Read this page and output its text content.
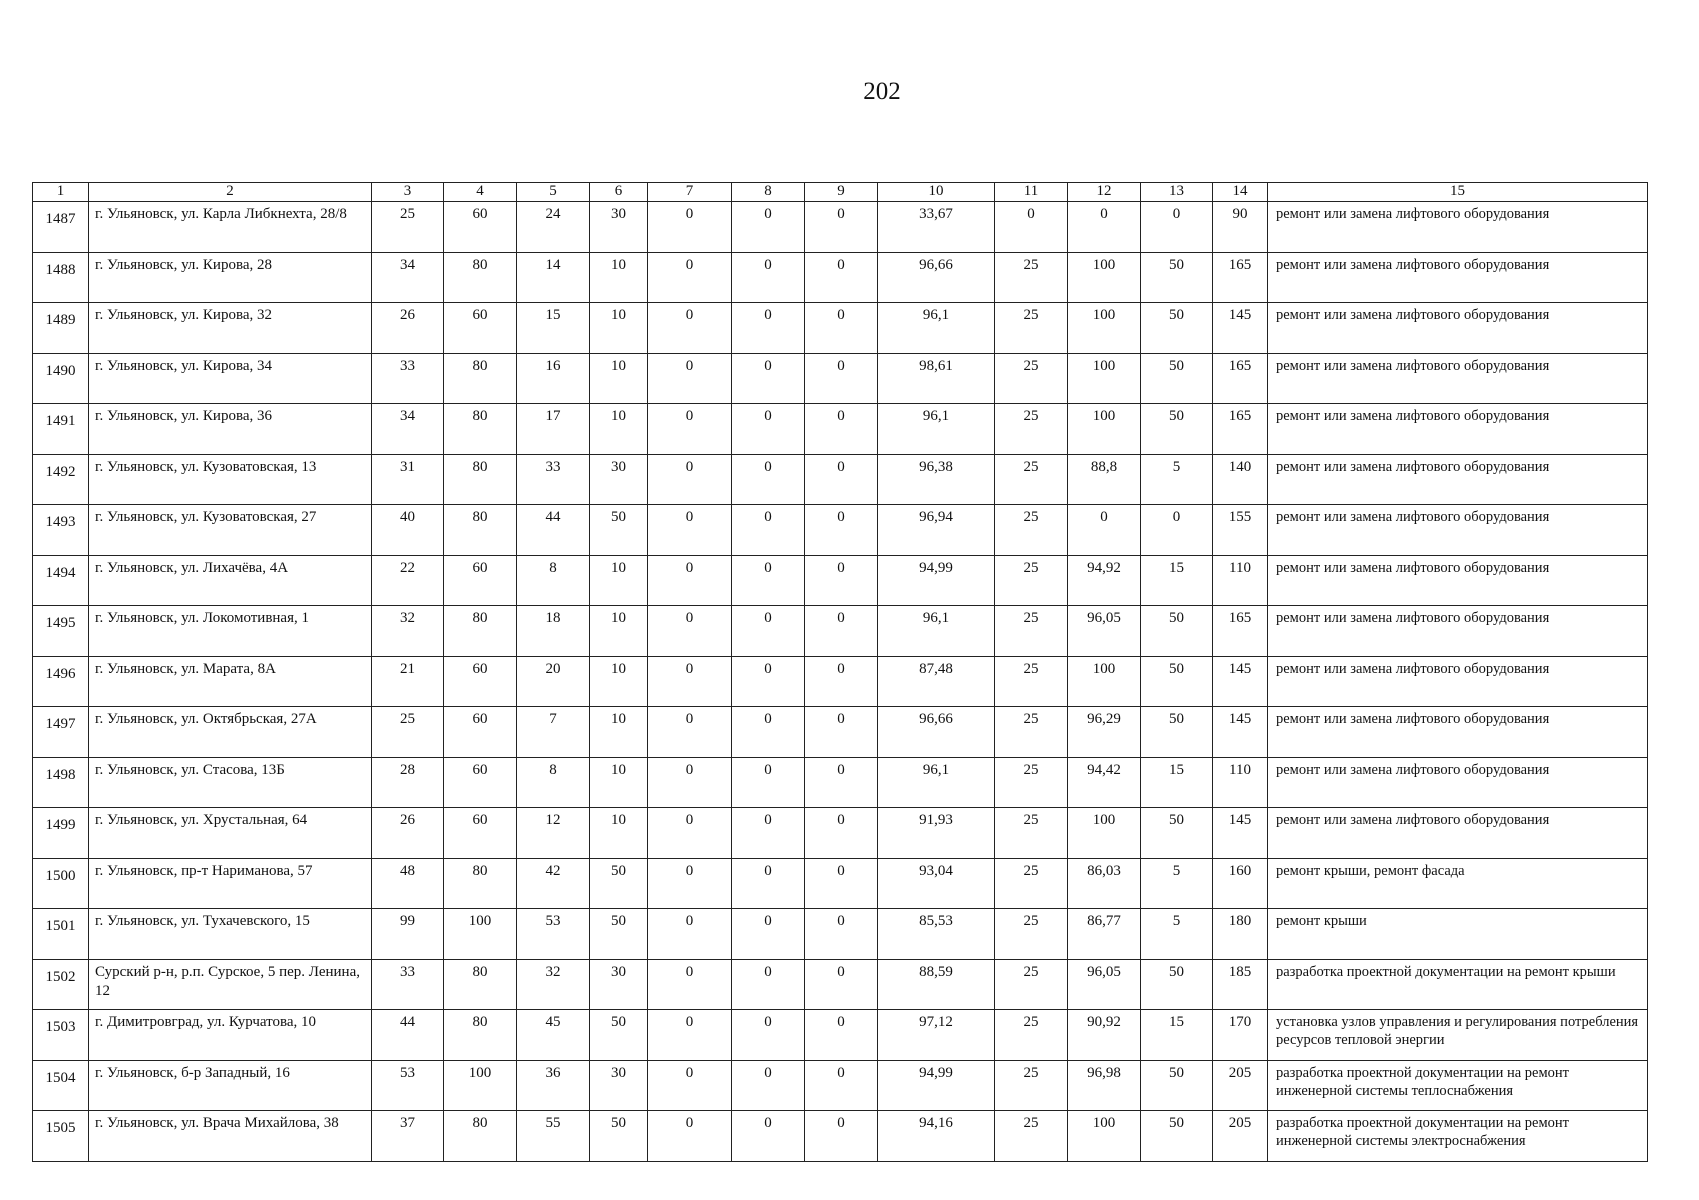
202
1	2	3	4	5	6	7	8	9	10	11	12	13	14	15
1487	г. Ульяновск, ул. Карла Либкнехта, 28/8	25	60	24	30	0	0	0	33,67	0	0	0	90	ремонт или замена лифтового оборудования
1488	г. Ульяновск, ул. Кирова, 28	34	80	14	10	0	0	0	96,66	25	100	50	165	ремонт или замена лифтового оборудования
1489	г. Ульяновск, ул. Кирова, 32	26	60	15	10	0	0	0	96,1	25	100	50	145	ремонт или замена лифтового оборудования
1490	г. Ульяновск, ул. Кирова, 34	33	80	16	10	0	0	0	98,61	25	100	50	165	ремонт или замена лифтового оборудования
1491	г. Ульяновск, ул. Кирова, 36	34	80	17	10	0	0	0	96,1	25	100	50	165	ремонт или замена лифтового оборудования
1492	г. Ульяновск, ул. Кузоватовская, 13	31	80	33	30	0	0	0	96,38	25	88,8	5	140	ремонт или замена лифтового оборудования
1493	г. Ульяновск, ул. Кузоватовская, 27	40	80	44	50	0	0	0	96,94	25	0	0	155	ремонт или замена лифтового оборудования
1494	г. Ульяновск, ул. Лихачёва, 4А	22	60	8	10	0	0	0	94,99	25	94,92	15	110	ремонт или замена лифтового оборудования
1495	г. Ульяновск, ул. Локомотивная, 1	32	80	18	10	0	0	0	96,1	25	96,05	50	165	ремонт или замена лифтового оборудования
1496	г. Ульяновск, ул. Марата, 8А	21	60	20	10	0	0	0	87,48	25	100	50	145	ремонт или замена лифтового оборудования
1497	г. Ульяновск, ул. Октябрьская, 27А	25	60	7	10	0	0	0	96,66	25	96,29	50	145	ремонт или замена лифтового оборудования
1498	г. Ульяновск, ул. Стасова, 13Б	28	60	8	10	0	0	0	96,1	25	94,42	15	110	ремонт или замена лифтового оборудования
1499	г. Ульяновск, ул. Хрустальная, 64	26	60	12	10	0	0	0	91,93	25	100	50	145	ремонт или замена лифтового оборудования
1500	г. Ульяновск, пр-т Нариманова, 57	48	80	42	50	0	0	0	93,04	25	86,03	5	160	ремонт крыши, ремонт фасада
1501	г. Ульяновск, ул. Тухачевского, 15	99	100	53	50	0	0	0	85,53	25	86,77	5	180	ремонт крыши
1502	Сурский р-н, р.п. Сурское, 5 пер. Ленина, 12	33	80	32	30	0	0	0	88,59	25	96,05	50	185	разработка проектной документации на ремонт крыши
1503	г. Димитровград, ул. Курчатова, 10	44	80	45	50	0	0	0	97,12	25	90,92	15	170	установка узлов управления и регулирования потребления ресурсов тепловой энергии
1504	г. Ульяновск, б-р Западный, 16	53	100	36	30	0	0	0	94,99	25	96,98	50	205	разработка проектной документации на ремонт инженерной системы теплоснабжения
1505	г. Ульяновск, ул. Врача Михайлова, 38	37	80	55	50	0	0	0	94,16	25	100	50	205	разработка проектной документации на ремонт инженерной системы электроснабжения
